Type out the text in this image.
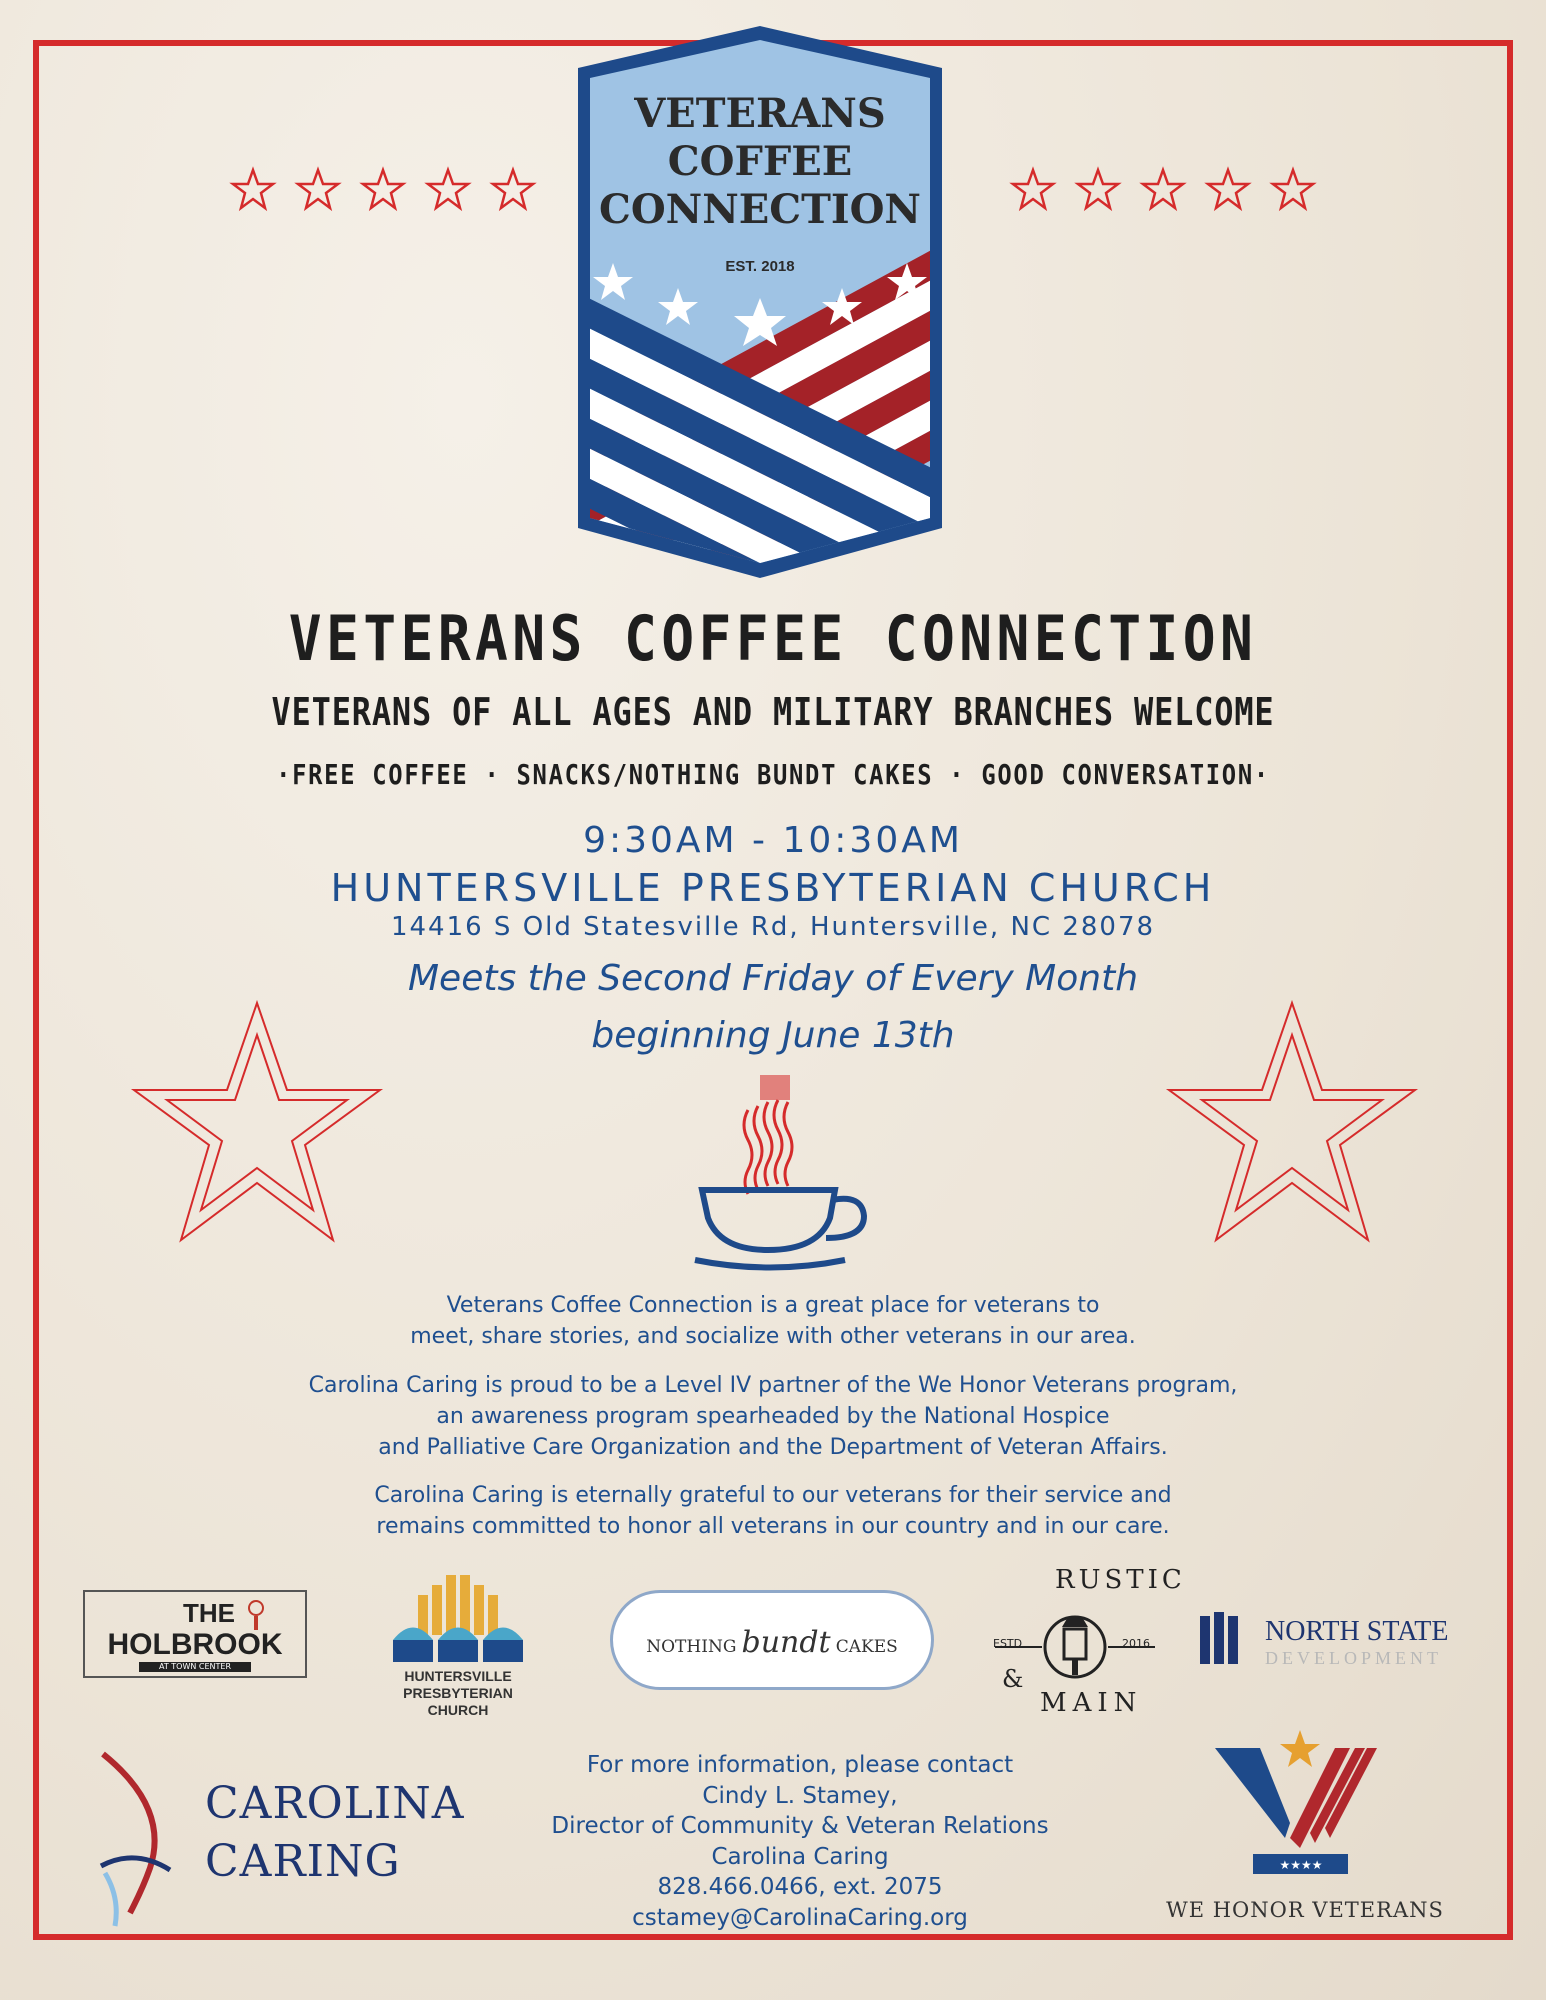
VETERANS
COFFEE
CONNECTION
EST. 2018
VETERANS COFFEE CONNECTION
VETERANS OF ALL AGES AND MILITARY BRANCHES WELCOME
·FREE COFFEE · SNACKS/NOTHING BUNDT CAKES · GOOD CONVERSATION·
9:30AM - 10:30AM
HUNTERSVILLE PRESBYTERIAN CHURCH
14416 S Old Statesville Rd, Huntersville, NC 28078
Meets the Second Friday of Every Month
beginning June 13th
Veterans Coffee Connection is a great place for veterans to
meet, share stories, and socialize with other veterans in our area.
Carolina Caring is proud to be a Level IV partner of the We Honor Veterans program,
an awareness program spearheaded by the National Hospice
and Palliative Care Organization and the Department of Veteran Affairs.
Carolina Caring is eternally grateful to our veterans for their service and
remains committed to honor all veterans in our country and in our care.
THE
HOLBROOK
AT TOWN CENTER
HUNTERSVILLE
PRESBYTERIAN
CHURCH
NOTHING bundt CAKES
RUSTIC
MAIN
&
ESTD	2016	NORTH STATE
DEVELOPMENT
CAROLINA
CARING
For more information, please contact
Cindy L. Stamey,
Director of Community & Veteran Relations
Carolina Caring
828.466.0466, ext. 2075
cstamey@CarolinaCaring.org
★★★★
WE HONOR VETERANS
